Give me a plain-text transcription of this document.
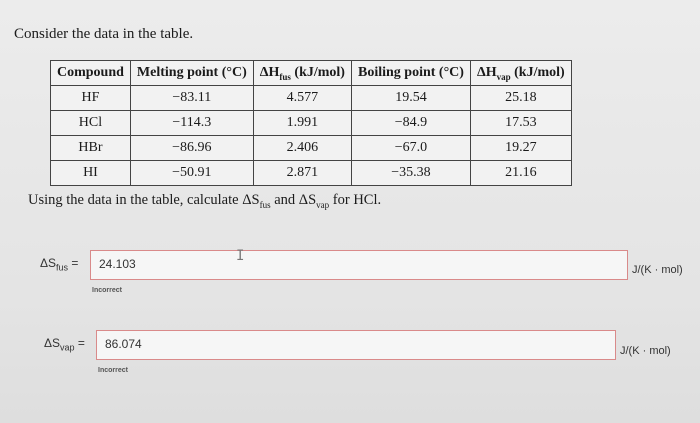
Consider the data in the table.
Compound	Melting point (°C)	$\Delta H_{fus}$ (kJ/mol)	Boiling point (°C)	$\Delta H_{vap}$ (kJ/mol)
HF	−83.11	4.577	19.54	25.18
HCl	−114.3	1.991	−84.9	17.53
HBr	−86.96	2.406	−67.0	19.27
HI	−50.91	2.871	−35.38	21.16
Using the data in the table, calculate $\Delta S_{fus}$ and $\Delta S_{vap}$ for HCl.
$\Delta S_{fus}$ =	24.103	I
Incorrect
J/(K · mol)
$\Delta S_{vap}$ =	86.074
Incorrect
J/(K · mol)
